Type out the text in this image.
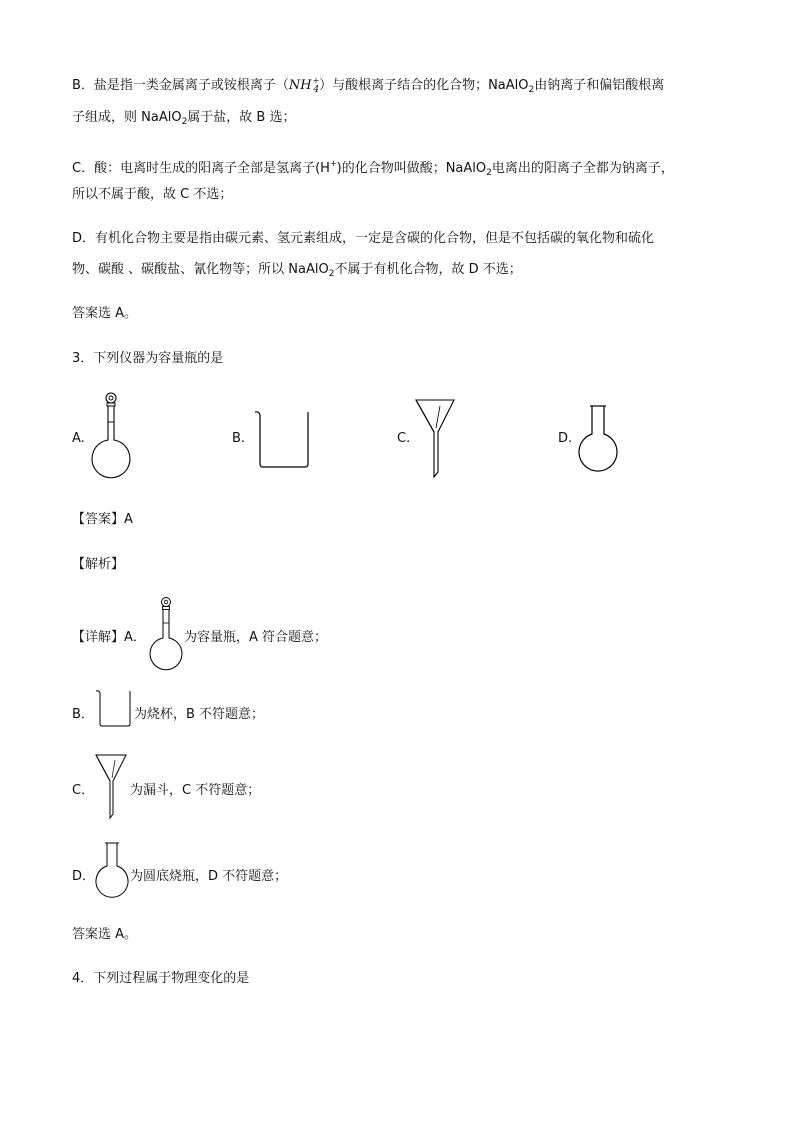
B．盐是指一类金属离子或铵根离子$(NH^+_4)$与酸根离子结合的化合物；NaAlO$_2$由钠离子和偏铝酸根离
子组成，则 NaAlO$_2$属于盐，故 B 选；
C．酸：电离时生成的阳离子全部是氢离子(H+)的化合物叫做酸；NaAlO$_2$电离出的阳离子全都为钠离子，
所以不属于酸，故 C 不选；
D．有机化合物主要是指由碳元素、氢元素组成，一定是含碳的化合物，但是不包括碳的氧化物和硫化
物、碳酸 、碳酸盐、氰化物等；所以 NaAlO$_2$不属于有机化合物，故 D 不选；
答案选 A。
3．下列仪器为容量瓶的是
A.	B.	C.	D.
【答案】A
【解析】
【详解】A．	为容量瓶，A 符合题意；
B．	为烧杯，B 不符题意；
C．	为漏斗，C 不符题意；
D．	为圆底烧瓶，D 不符题意；
答案选 A。
4．下列过程属于物理变化的是
